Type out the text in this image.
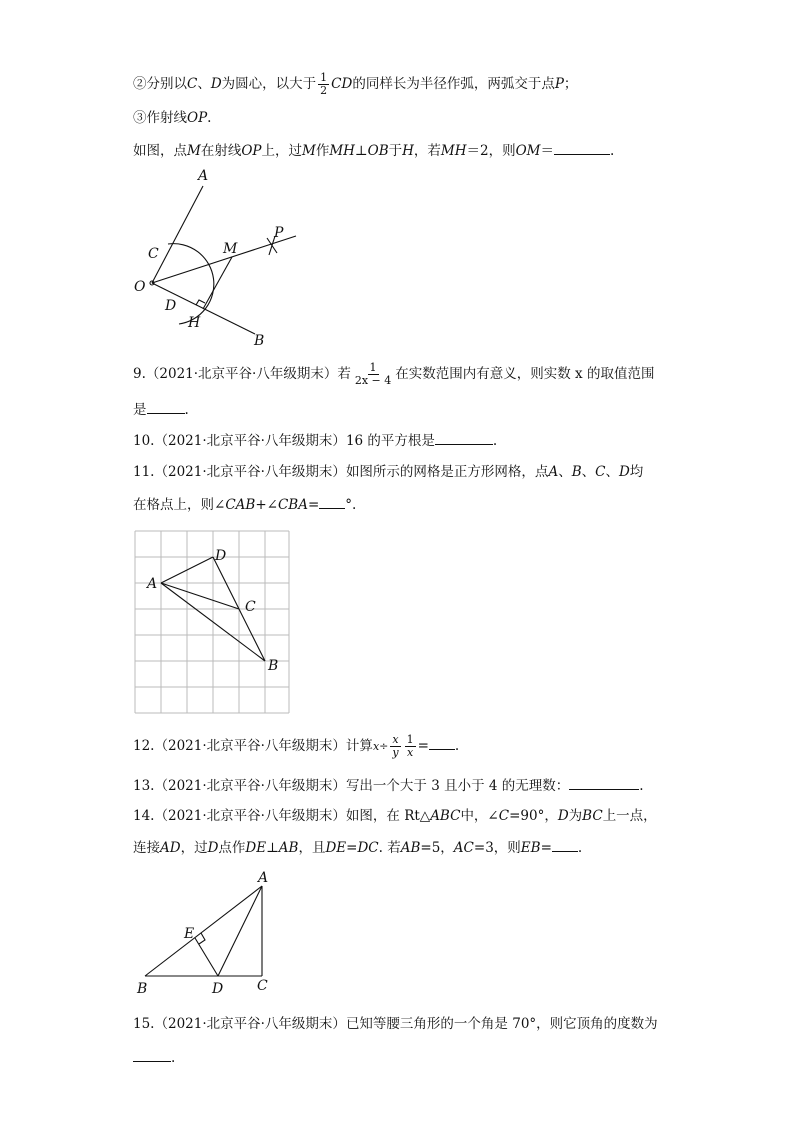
②分别以C、D为圆心，以大于 $\frac{1}{2}$ CD的同样长为半径作弧，两弧交于点P；
③作射线OP.
如图，点M在射线OP上，过M作MH⊥OB于H，若MH＝2，则OM＝	.
A
C	M
P
O
D
H
B
9.（2021·北京平谷·八年级期末）若 $\frac{1}{2x - 4}$ 在实数范围内有意义，则实数 x 的取值范围
是	.
10.（2021·北京平谷·八年级期末）16 的平方根是	.
11.（2021·北京平谷·八年级期末）如图所示的网格是正方形网格，点A、B、C、D均
在格点上，则∠CAB+∠CBA= °.
A
D
C
B
12.（2021·北京平谷·八年级期末）计算$x\div \frac{x}{y} \frac{1}{x}$ = .
13.（2021·北京平谷·八年级期末）写出一个大于 3 且小于 4 的无理数：	.
14.（2021·北京平谷·八年级期末）如图，在 Rt△ABC中，∠C=90°，D为BC上一点，
连接AD，过D点作DE⊥AB，且DE=DC. 若AB=5，AC=3，则EB= .
A
E
B	D C
15.（2021·北京平谷·八年级期末）已知等腰三角形的一个角是 70°，则它顶角的度数为
.
